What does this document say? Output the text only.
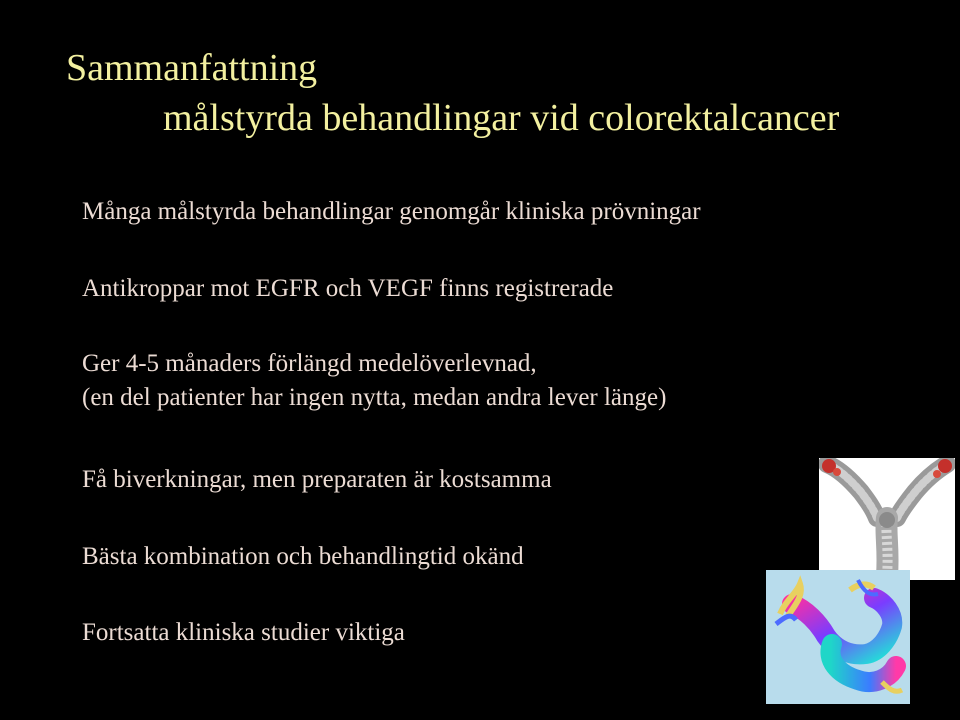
Sammanfattning
målstyrda behandlingar vid colorektalcancer
Många målstyrda behandlingar genomgår kliniska prövningar
Antikroppar mot EGFR och VEGF finns registrerade
Ger 4-5 månaders förlängd medelöverlevnad,
(en del patienter har ingen nytta, medan andra lever länge)
Få biverkningar, men preparaten är kostsamma
Bästa kombination och behandlingtid okänd
Fortsatta kliniska studier viktiga
